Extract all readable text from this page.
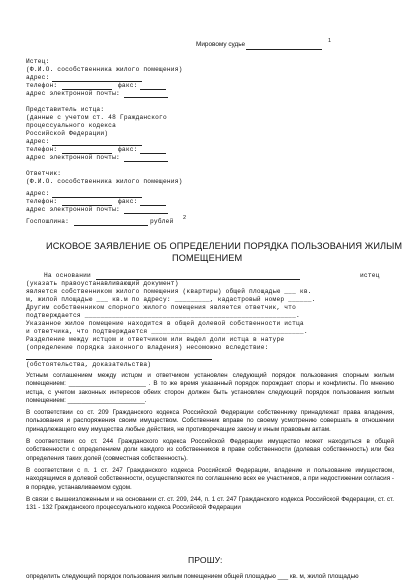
Мировому судье	1
Истец:
(Ф.И.О. сособственника жилого помещения)
адрес:
телефон:	факс:
адрес электронной почты:
Представитель истца:
(данные с учетом ст. 48 Гражданского
процессуального кодекса
Российской Федерации)
адрес:
телефон:	факс:
адрес электронной почты:
Ответчик:
(Ф.И.О. сособственника жилого помещения)
адрес:
телефон:	факс:
адрес электронной почты:
Госпошлина:	рублей 2
ИСКОВОЕ ЗАЯВЛЕНИЕ ОБ ОПРЕДЕЛЕНИИ ПОРЯДКА ПОЛЬЗОВАНИЯ ЖИЛЫМ
ПОМЕЩЕНИЕМ
На основании	истец
(указать правоустанавливающий документ)
является собственником жилого помещения (квартиры) общей площадью ___ кв.
м, жилой площадью ___ кв.м по адресу: _________, кадастровый номер ______.
Другим собственником спорного жилого помещения является ответчик, что
подтверждается ______________________________________________________.
Указанное жилое помещение находится в общей долевой собственности истца
и ответчика, что подтверждается _______________________________________.
Разделение между истцом и ответчиком или выдел доли истца в натуре
(определение порядка законного владения) несоможно вследствие:
(обстоятельства, доказательства)

Устным соглашением между истцом и ответчиком установлен следующий порядок пользования спорным жилым помещением: ______________________ . В то же время указанный порядок порождает споры и конфликты. По мнению истца, с учетом законных интересов обеих сторон должен быть установлен следующий порядок пользования жилым помещением: ______________________.

В соответствии со ст. 209 Гражданского кодекса Российской Федерации собственнику принадлежат права владения, пользования и распоряжения своим имуществом. Собственник вправе по своему усмотрению совершать в отношении принадлежащего ему имущества любые действия, не противоречащие закону и иным правовым актам.

В соответствии со ст. 244 Гражданского кодекса Российской Федерации имущество может находиться в общей собственности с определением доли каждого из собственников в праве собственности (долевая собственность) или без определения таких долей (совместная собственность).

В соответствии с п. 1 ст. 247 Гражданского кодекса Российской Федерации, владение и пользование имуществом, находящимся в долевой собственности, осуществляются по соглашению всех ее участников, а при недостижении согласия - в порядке, устанавливаемом судом.

В связи с вышеизложенным и на основании ст. ст. 209, 244, п. 1 ст. 247 Гражданского кодекса Российской Федерации, ст. ст. 131 - 132 Гражданского процессуального кодекса Российской Федерации

ПРОШУ:
определить следующий порядок пользования жилым помещением общей площадью ___ кв. м, жилой площадью
